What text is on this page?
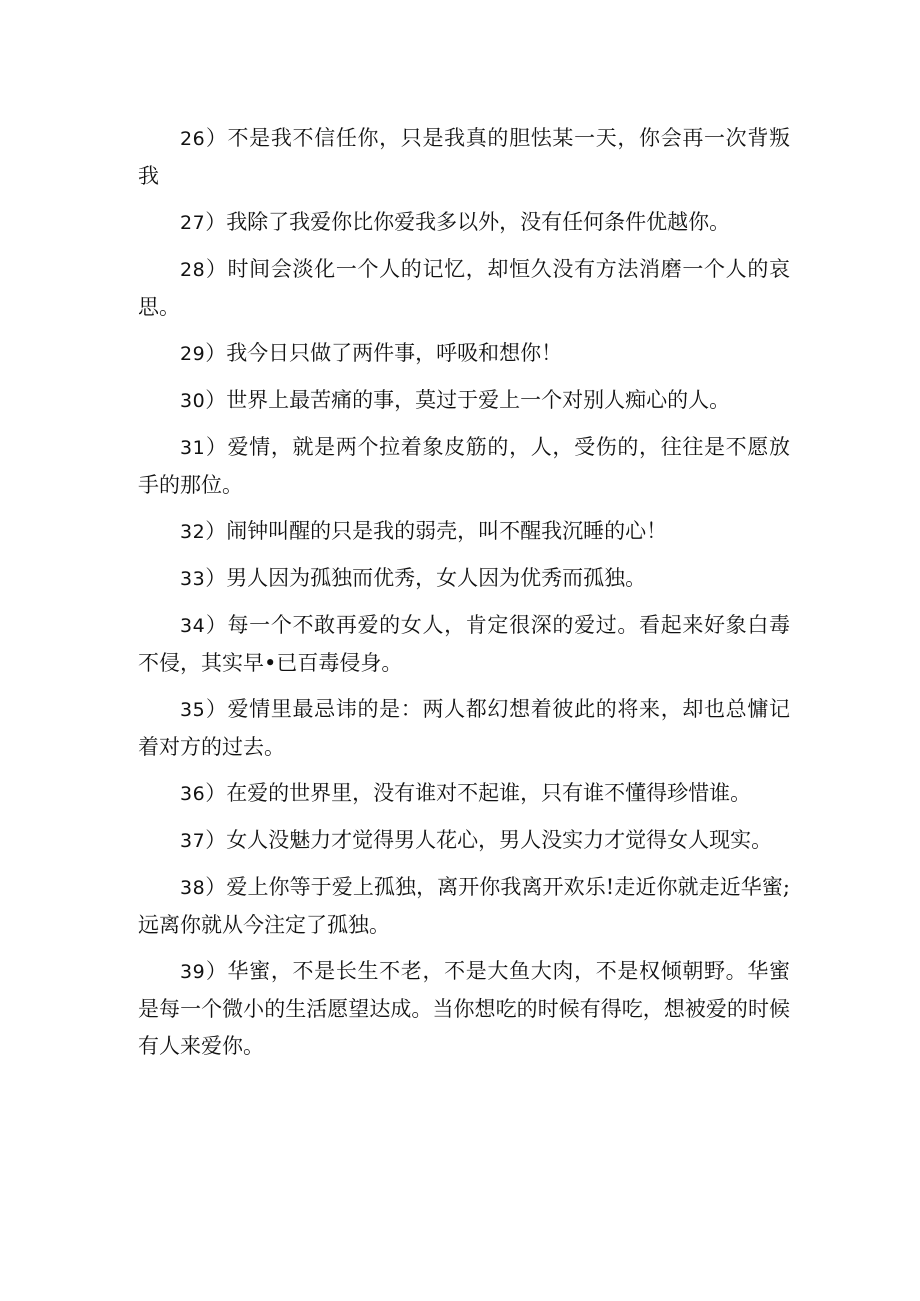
26）不是我不信任你，只是我真的胆怯某一天，你会再一次背叛我

27）我除了我爱你比你爱我多以外，没有任何条件优越你。

28）时间会淡化一个人的记忆，却恒久没有方法消磨一个人的哀思。

29）我今日只做了两件事，呼吸和想你！

30）世界上最苦痛的事，莫过于爱上一个对别人痴心的人。

31）爱情，就是两个拉着象皮筋的，人，受伤的，往往是不愿放手的那位。

32）闹钟叫醒的只是我的弱壳，叫不醒我沉睡的心！

33）男人因为孤独而优秀，女人因为优秀而孤独。

34）每一个不敢再爱的女人，肯定很深的爱过。看起来好象白毒不侵，其实早•已百毒侵身。

35）爱情里最忌讳的是：两人都幻想着彼此的将来，却也总慵记着对方的过去。

36）在爱的世界里，没有谁对不起谁，只有谁不懂得珍惜谁。

37）女人没魅力才觉得男人花心，男人没实力才觉得女人现实。

38）爱上你等于爱上孤独，离开你我离开欢乐!走近你就走近华蜜;远离你就从今注定了孤独。

39）华蜜，不是长生不老，不是大鱼大肉，不是权倾朝野。华蜜是每一个微小的生活愿望达成。当你想吃的时候有得吃，想被爱的时候有人来爱你。
